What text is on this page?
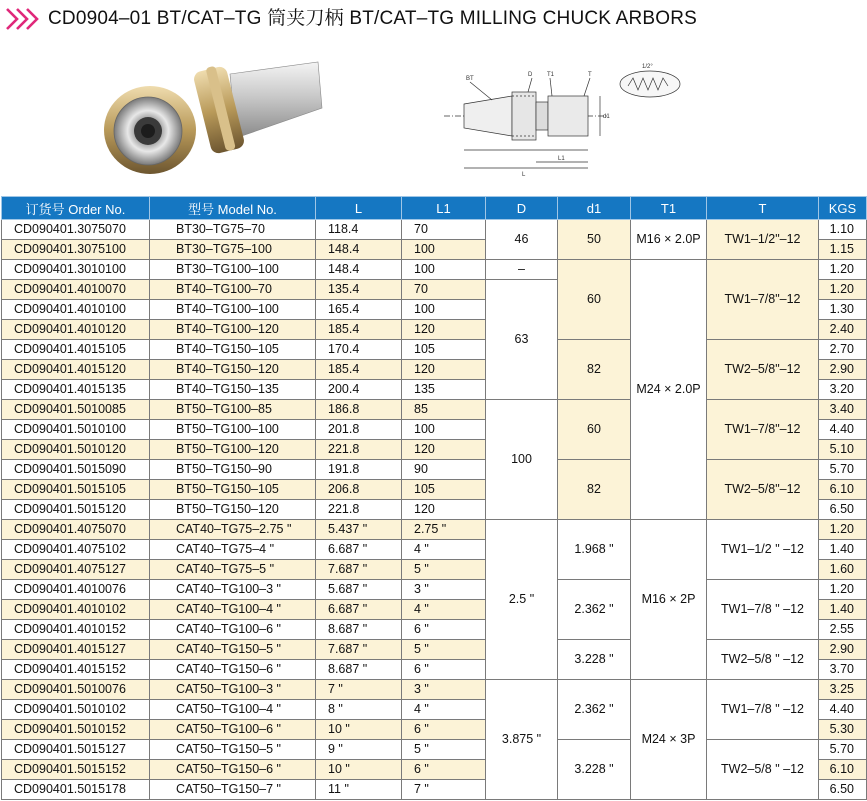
CD0904–01 BT/CAT–TG 筒夹刀柄 BT/CAT–TG MILLING CHUCK ARBORS
BT
D T1	T
L1
L
d1
1/2°
订货号 Order No.	型号 Model No.	L	L1	D	d1	T1	T	KGS
CD090401.3075070	BT30–TG75–70	118.4	70	46	50	M16 × 2.0P	TW1–1/2"–12	1.10
CD090401.3075100	BT30–TG75–100	148.4	100					1.15
CD090401.3010100	BT30–TG100–100	148.4	100	–	60	M24 × 2.0P	TW1–7/8"–12	1.20
CD090401.4010070	BT40–TG100–70	135.4	70	63				1.20
CD090401.4010100	BT40–TG100–100	165.4	100					1.30
CD090401.4010120	BT40–TG100–120	185.4	120					2.40
CD090401.4015105	BT40–TG150–105	170.4	105		82		TW2–5/8"–12	2.70
CD090401.4015120	BT40–TG150–120	185.4	120					2.90
CD090401.4015135	BT40–TG150–135	200.4	135					3.20
CD090401.5010085	BT50–TG100–85	186.8	85	100	60		TW1–7/8"–12	3.40
CD090401.5010100	BT50–TG100–100	201.8	100					4.40
CD090401.5010120	BT50–TG100–120	221.8	120					5.10
CD090401.5015090	BT50–TG150–90	191.8	90		82		TW2–5/8"–12	5.70
CD090401.5015105	BT50–TG150–105	206.8	105					6.10
CD090401.5015120	BT50–TG150–120	221.8	120					6.50
CD090401.4075070	CAT40–TG75–2.75 "	5.437 "	2.75 "	2.5 "	1.968 "	M16 × 2P	TW1–1/2 " –12	1.20
CD090401.4075102	CAT40–TG75–4 "	6.687 "	4 "					1.40
CD090401.4075127	CAT40–TG75–5 "	7.687 "	5 "					1.60
CD090401.4010076	CAT40–TG100–3 "	5.687 "	3 "		2.362 "		TW1–7/8 " –12	1.20
CD090401.4010102	CAT40–TG100–4 "	6.687 "	4 "					1.40
CD090401.4010152	CAT40–TG100–6 "	8.687 "	6 "					2.55
CD090401.4015127	CAT40–TG150–5 "	7.687 "	5 "		3.228 "		TW2–5/8 " –12	2.90
CD090401.4015152	CAT40–TG150–6 "	8.687 "	6 "					3.70
CD090401.5010076	CAT50–TG100–3 "	7 "	3 "	3.875 "	2.362 "	M24 × 3P	TW1–7/8 " –12	3.25
CD090401.5010102	CAT50–TG100–4 "	8 "	4 "					4.40
CD090401.5010152	CAT50–TG100–6 "	10 "	6 "					5.30
CD090401.5015127	CAT50–TG150–5 "	9 "	5 "		3.228 "		TW2–5/8 " –12	5.70
CD090401.5015152	CAT50–TG150–6 "	10 "	6 "					6.10
CD090401.5015178	CAT50–TG150–7 "	11 "	7 "					6.50
